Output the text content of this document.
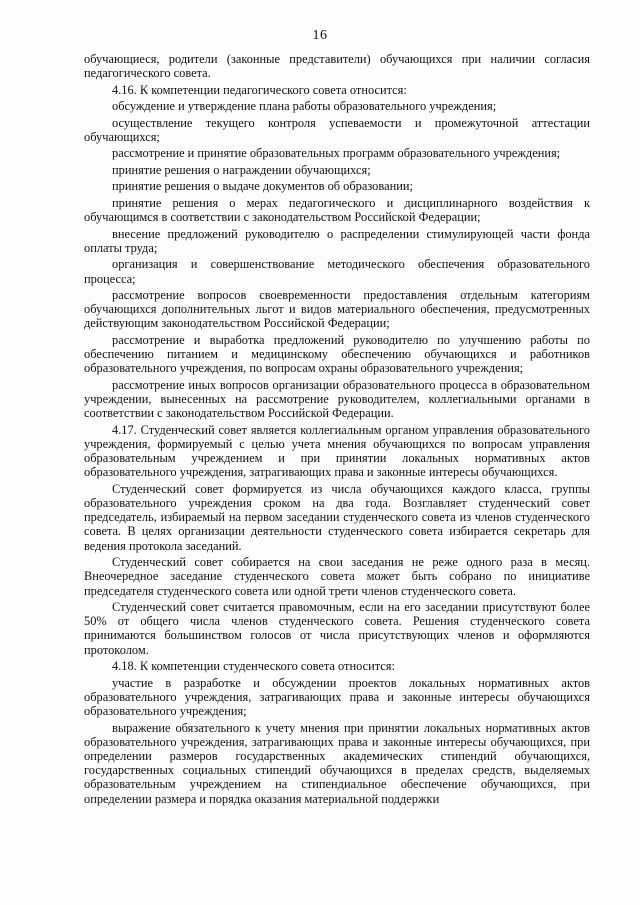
16

обучающиеся, родители (законные представители) обучающихся при наличии согласия педагогического совета.

4.16. К компетенции педагогического совета относится:

обсуждение и утверждение плана работы образовательного учреждения;

осуществление текущего контроля успеваемости и промежуточной аттестации обучающихся;

рассмотрение и принятие образовательных программ образовательного учреждения;

принятие решения о награждении обучающихся;

принятие решения о выдаче документов об образовании;

принятие решения о мерах педагогического и дисциплинарного воздействия к обучающимся в соответствии с законодательством Российской Федерации;

внесение предложений руководителю о распределении стимулирующей части фонда оплаты труда;

организация и совершенствование методического обеспечения образовательного процесса;

рассмотрение вопросов своевременности предоставления отдельным категориям обучающихся дополнительных льгот и видов материального обеспечения, предусмотренных действующим законодательством Российской Федерации;

рассмотрение и выработка предложений руководителю по улучшению работы по обеспечению питанием и медицинскому обеспечению обучающихся и работников образовательного учреждения, по вопросам охраны образовательного учреждения;

рассмотрение иных вопросов организации образовательного процесса в образовательном учреждении, вынесенных на рассмотрение руководителем, коллегиальными органами в соответствии с законодательством Российской Федерации.

4.17. Студенческий совет является коллегиальным органом управления образовательного учреждения, формируемый с целью учета мнения обучающихся по вопросам управления образовательным учреждением и при принятии локальных нормативных актов образовательного учреждения, затрагивающих права и законные интересы обучающихся.

Студенческий совет формируется из числа обучающихся каждого класса, группы образовательного учреждения сроком на два года. Возглавляет студенческий совет председатель, избираемый на первом заседании студенческого совета из членов студенческого совета. В целях организации деятельности студенческого совета избирается секретарь для ведения протокола заседаний.

Студенческий совет собирается на свои заседания не реже одного раза в месяц. Внеочередное заседание студенческого совета может быть собрано по инициативе председателя студенческого совета или одной трети членов студенческого совета.

Студенческий совет считается правомочным, если на его заседании присутствуют более 50% от общего числа членов студенческого совета. Решения студенческого совета принимаются большинством голосов от числа присутствующих членов и оформляются протоколом.

4.18. К компетенции студенческого совета относится:

участие в разработке и обсуждении проектов локальных нормативных актов образовательного учреждения, затрагивающих права и законные интересы обучающихся образовательного учреждения;

выражение обязательного к учету мнения при принятии локальных нормативных актов образовательного учреждения, затрагивающих права и законные интересы обучающихся, при определении размеров государственных академических стипендий обучающихся, государственных социальных стипендий обучающихся в пределах средств, выделяемых образовательным учреждением на стипендиальное обеспечение обучающихся, при определении размера и порядка оказания материальной поддержки
